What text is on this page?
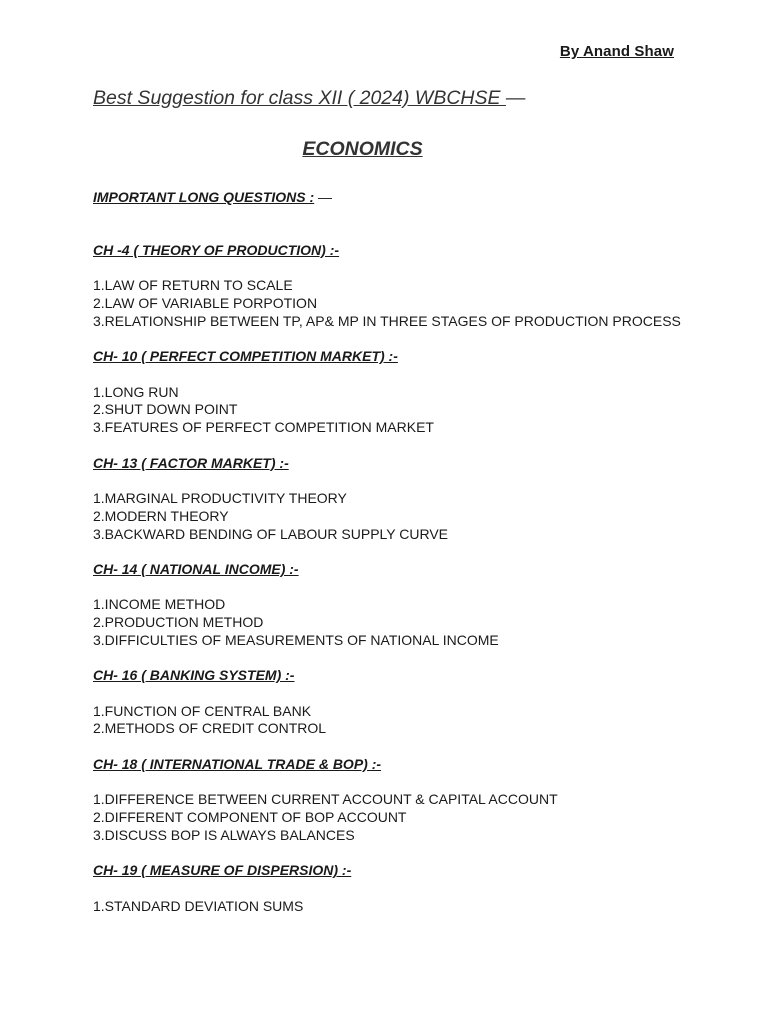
By Anand Shaw
Best Suggestion for class XII ( 2024) WBCHSE —
ECONOMICS
IMPORTANT LONG QUESTIONS : —
CH -4 ( THEORY OF PRODUCTION) :-
1.LAW OF RETURN TO SCALE
2.LAW OF VARIABLE PORPOTION
3.RELATIONSHIP BETWEEN TP, AP& MP IN THREE STAGES OF PRODUCTION PROCESS
CH- 10 ( PERFECT COMPETITION MARKET) :-
1.LONG RUN
2.SHUT DOWN POINT
3.FEATURES OF PERFECT COMPETITION MARKET
CH- 13 ( FACTOR MARKET) :-
1.MARGINAL PRODUCTIVITY THEORY
2.MODERN THEORY
3.BACKWARD BENDING OF LABOUR SUPPLY CURVE
CH- 14 ( NATIONAL INCOME) :-
1.INCOME METHOD
2.PRODUCTION METHOD
3.DIFFICULTIES OF MEASUREMENTS OF NATIONAL INCOME
CH- 16 ( BANKING SYSTEM) :-
1.FUNCTION OF CENTRAL BANK
2.METHODS OF CREDIT CONTROL
CH- 18 ( INTERNATIONAL TRADE & BOP) :-
1.DIFFERENCE BETWEEN CURRENT ACCOUNT & CAPITAL ACCOUNT
2.DIFFERENT COMPONENT OF BOP ACCOUNT
3.DISCUSS BOP IS ALWAYS BALANCES
CH- 19 ( MEASURE OF DISPERSION) :-
1.STANDARD DEVIATION SUMS
